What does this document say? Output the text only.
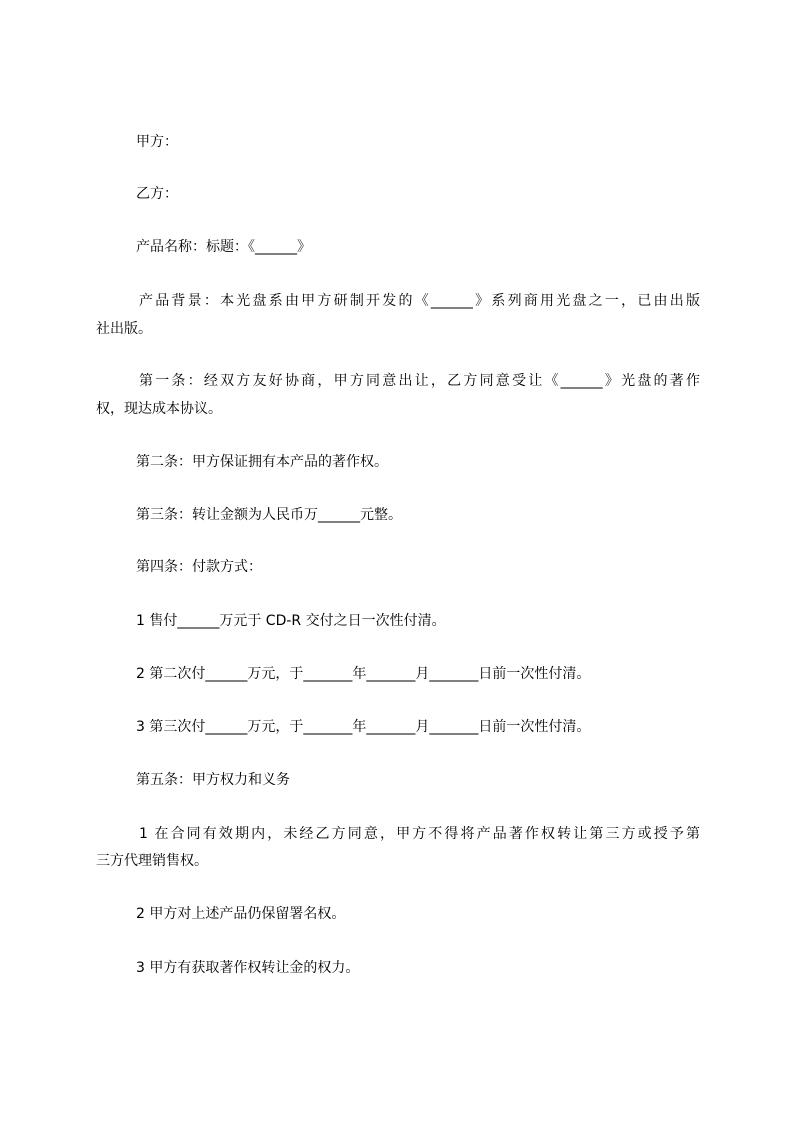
甲方：
乙方：
产品名称：标题：《______》
产品背景：本光盘系由甲方研制开发的《______》系列商用光盘之一，已由出版
社出版。
第一条：经双方友好协商，甲方同意出让，乙方同意受让《______》光盘的著作
权，现达成本协议。
第二条：甲方保证拥有本产品的著作权。
第三条：转让金额为人民币万______元整。
第四条：付款方式：
1 售付______万元于 CD-R 交付之日一次性付清。
2 第二次付______万元，于_______年_______月_______日前一次性付清。
3 第三次付______万元，于_______年_______月_______日前一次性付清。
第五条：甲方权力和义务
1 在合同有效期内，未经乙方同意，甲方不得将产品著作权转让第三方或授予第
三方代理销售权。
2 甲方对上述产品仍保留署名权。
3 甲方有获取著作权转让金的权力。
